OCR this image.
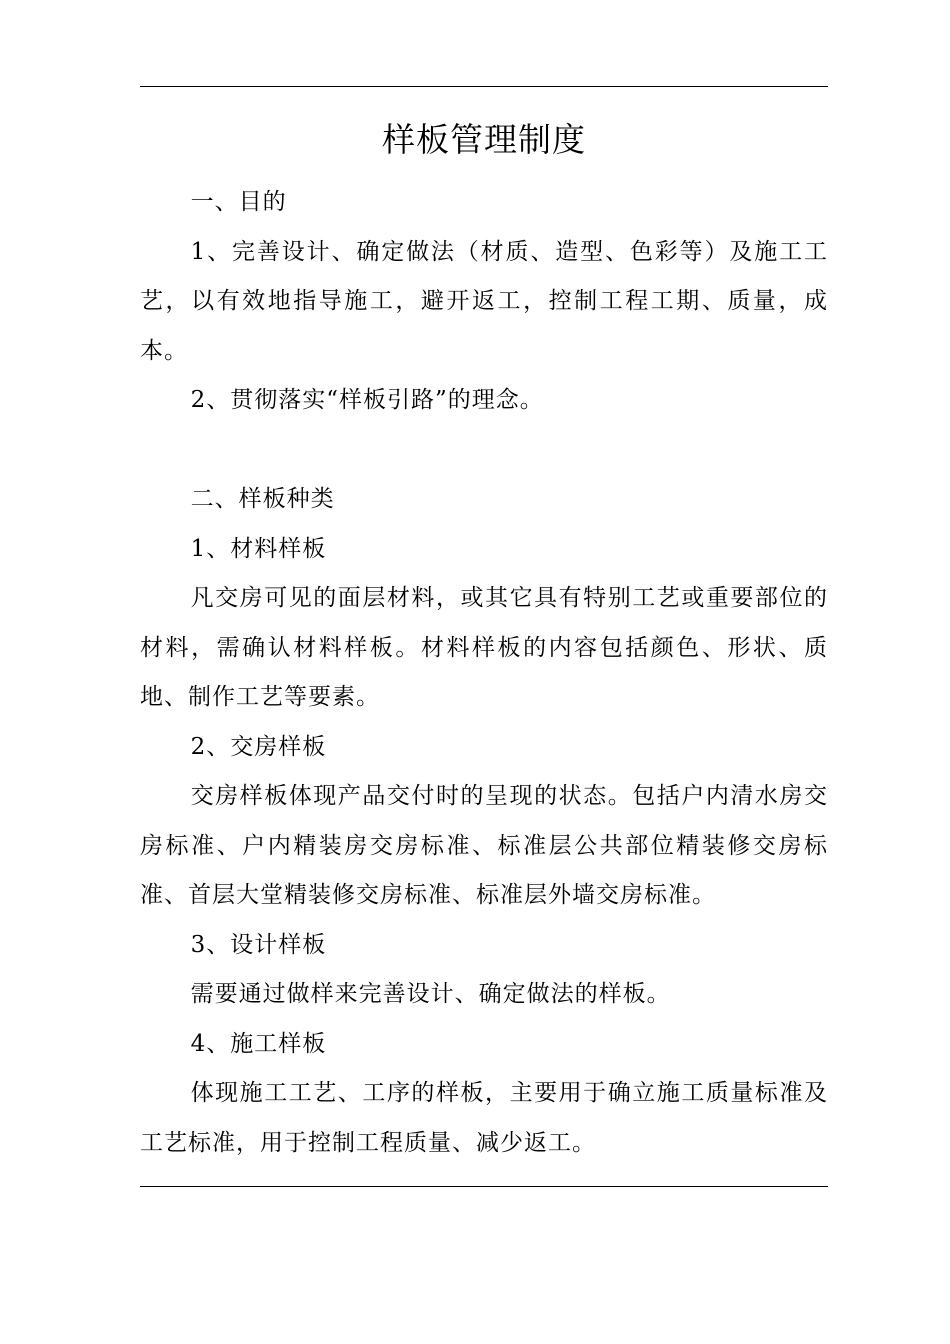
样板管理制度

一、目的

1、完善设计、确定做法（材质、造型、色彩等）及施工工艺，以有效地指导施工，避开返工，控制工程工期、质量，成本。

2、贯彻落实“样板引路”的理念。

二、样板种类

1、材料样板

凡交房可见的面层材料，或其它具有特别工艺或重要部位的材料，需确认材料样板。材料样板的内容包括颜色、形状、质地、制作工艺等要素。

2、交房样板

交房样板体现产品交付时的呈现的状态。包括户内清水房交房标准、户内精装房交房标准、标准层公共部位精装修交房标准、首层大堂精装修交房标准、标准层外墙交房标准。

3、设计样板

需要通过做样来完善设计、确定做法的样板。

4、施工样板

体现施工工艺、工序的样板，主要用于确立施工质量标准及工艺标准，用于控制工程质量、减少返工。
